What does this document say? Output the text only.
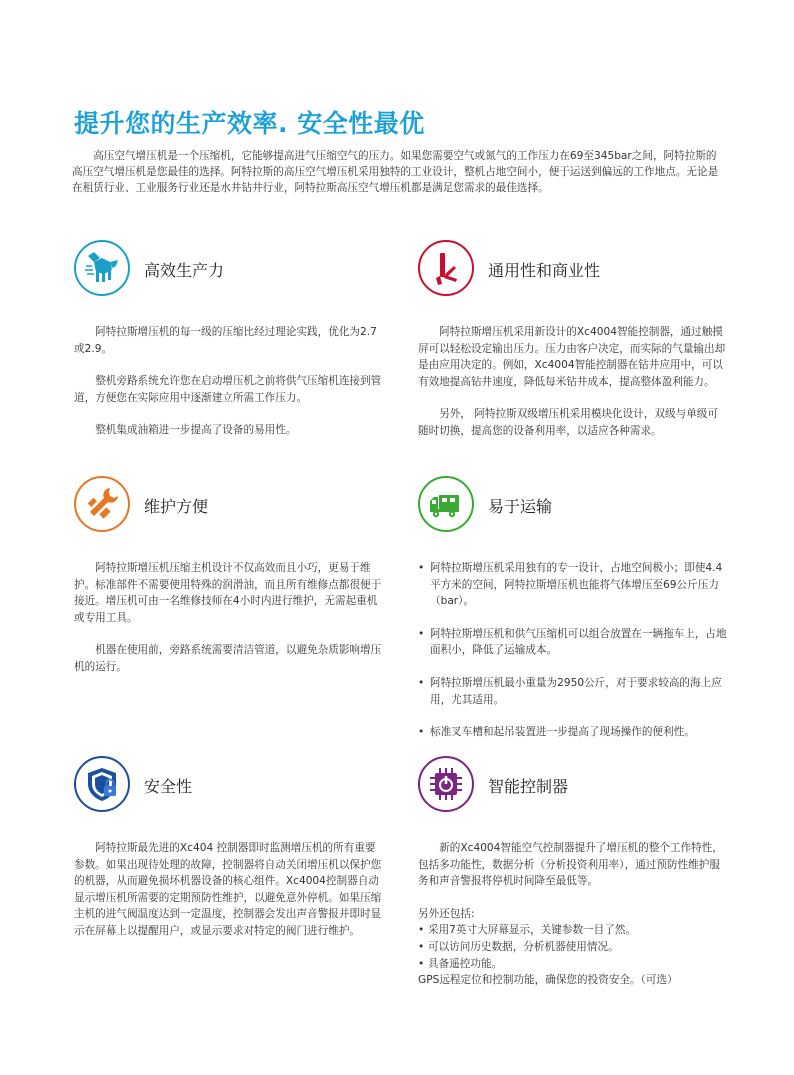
提升您的生产效率. 安全性最优

高压空气增压机是一个压缩机，它能够提高进气压缩空气的压力。如果您需要空气或氮气的工作压力在69至345bar之间，阿特拉斯的高压空气增压机是您最佳的选择。阿特拉斯的高压空气增压机采用独特的工业设计，整机占地空间小，便于运送到偏远的工作地点。无论是在租赁行业、工业服务行业还是水井钻井行业，阿特拉斯高压空气增压机都是满足您需求的最佳选择。

高效生产力

阿特拉斯增压机的每一级的压缩比经过理论实践，优化为2.7或2.9。

整机旁路系统允许您在启动增压机之前将供气压缩机连接到管道，方便您在实际应用中逐渐建立所需工作压力。

整机集成油箱进一步提高了设备的易用性。

通用性和商业性

阿特拉斯增压机采用新设计的Xc4004智能控制器，通过触摸屏可以轻松设定输出压力。压力由客户决定，而实际的气量输出却是由应用决定的。例如，Xc4004智能控制器在钻井应用中，可以有效地提高钻井速度，降低每米钻井成本，提高整体盈利能力。

另外， 阿特拉斯双级增压机采用模块化设计，双级与单级可随时切换，提高您的设备利用率，以适应各种需求。

维护方便

阿特拉斯增压机压缩主机设计不仅高效而且小巧，更易于维护。标准部件不需要使用特殊的润滑油，而且所有维修点都很便于接近。增压机可由一名维修技师在4小时内进行维护，无需起重机或专用工具。

机器在使用前，旁路系统需要清洁管道，以避免杂质影响增压机的运行。

易于运输
• 阿特拉斯增压机采用独有的专一设计，占地空间极小；即使4.4平方米的空间，阿特拉斯增压机也能将气体增压至69公斤压力（bar）。
• 阿特拉斯增压机和供气压缩机可以组合放置在一辆拖车上，占地面积小，降低了运输成本。
• 阿特拉斯增压机最小重量为2950公斤，对于要求较高的海上应用，尤其适用。
• 标准叉车槽和起吊装置进一步提高了现场操作的便利性。
安全性

阿特拉斯最先进的Xc404 控制器即时监测增压机的所有重要参数。如果出现待处理的故障，控制器将自动关闭增压机以保护您的机器，从而避免损坏机器设备的核心组件。Xc4004控制器自动显示增压机所需要的定期预防性维护，以避免意外停机。如果压缩主机的进气阀温度达到一定温度，控制器会发出声音警报并即时显示在屏幕上以提醒用户，或显示要求对特定的阀门进行维护。

智能控制器

新的Xc4004智能空气控制器提升了增压机的整个工作特性，包括多功能性，数据分析（分析投资利用率），通过预防性维护服务和声音警报将停机时间降至最低等。

另外还包括:

• 采用7英寸大屏幕显示，关键参数一目了然。
• 可以访问历史数据，分析机器使用情况。
• 具备遥控功能。

GPS远程定位和控制功能，确保您的投资安全。（可选）
